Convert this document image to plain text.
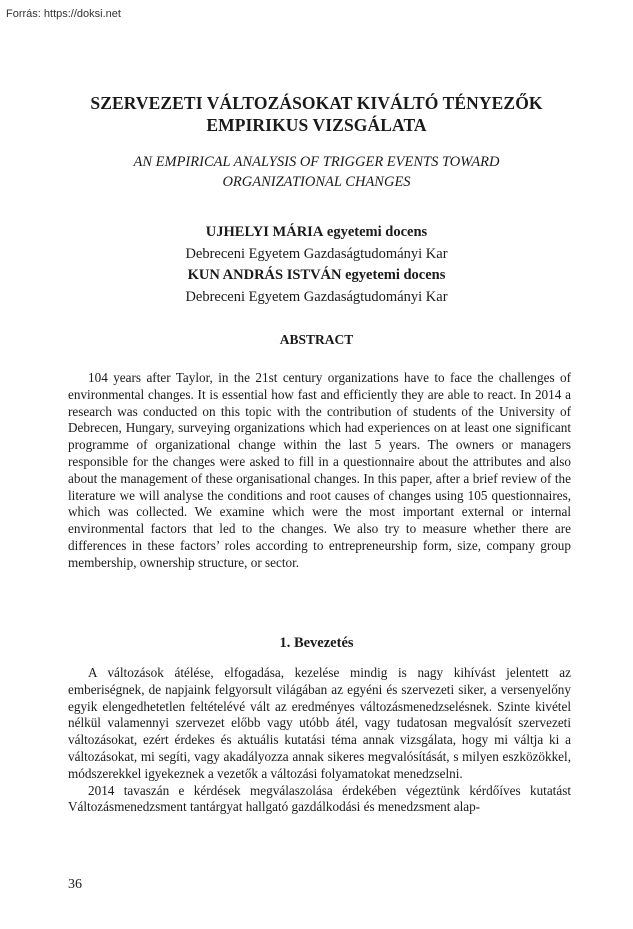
Forrás: https://doksi.net
SZERVEZETI VÁLTOZÁSOKAT KIVÁLTÓ TÉNYEZŐK
EMPIRIKUS VIZSGÁLATA
AN EMPIRICAL ANALYSIS OF TRIGGER EVENTS TOWARD
ORGANIZATIONAL CHANGES
UJHELYI MÁRIA egyetemi docens
Debreceni Egyetem Gazdaságtudományi Kar
KUN ANDRÁS ISTVÁN egyetemi docens
Debreceni Egyetem Gazdaságtudományi Kar
ABSTRACT

104 years after Taylor, in the 21st century organizations have to face the challenges of environmental changes. It is essential how fast and efficiently they are able to react. In 2014 a research was conducted on this topic with the contribution of students of the University of Debrecen, Hungary, surveying organizations which had experiences on at least one significant programme of organizational change within the last 5 years. The owners or managers responsible for the changes were asked to fill in a questionnaire about the attributes and also about the management of these organisational changes. In this paper, after a brief review of the literature we will analyse the conditions and root causes of changes using 105 questionnaires, which was collected. We examine which were the most important external or internal environmental factors that led to the changes. We also try to measure whether there are differences in these factors’ roles according to entrepreneurship form, size, company group membership, ownership structure, or sector.

1. Bevezetés

A változások átélése, elfogadása, kezelése mindig is nagy kihívást jelentett az emberiségnek, de napjaink felgyorsult világában az egyéni és szervezeti siker, a versenyelőny egyik elengedhetetlen feltételévé vált az eredményes változásmenedzselésnek. Szinte kivétel nélkül valamennyi szervezet előbb vagy utóbb átél, vagy tudatosan megvalósít szervezeti változásokat, ezért érdekes és aktuális kutatási téma annak vizsgálata, hogy mi váltja ki a változásokat, mi segíti, vagy akadályozza annak sikeres megvalósítását, s milyen eszközökkel, módszerekkel igyekeznek a vezetők a változási folyamatokat menedzselni.

2014 tavaszán e kérdések megválaszolása érdekében végeztünk kérdőíves kutatást Változásmenedzsment tantárgyat hallgató gazdálkodási és menedzsment alap-

36
